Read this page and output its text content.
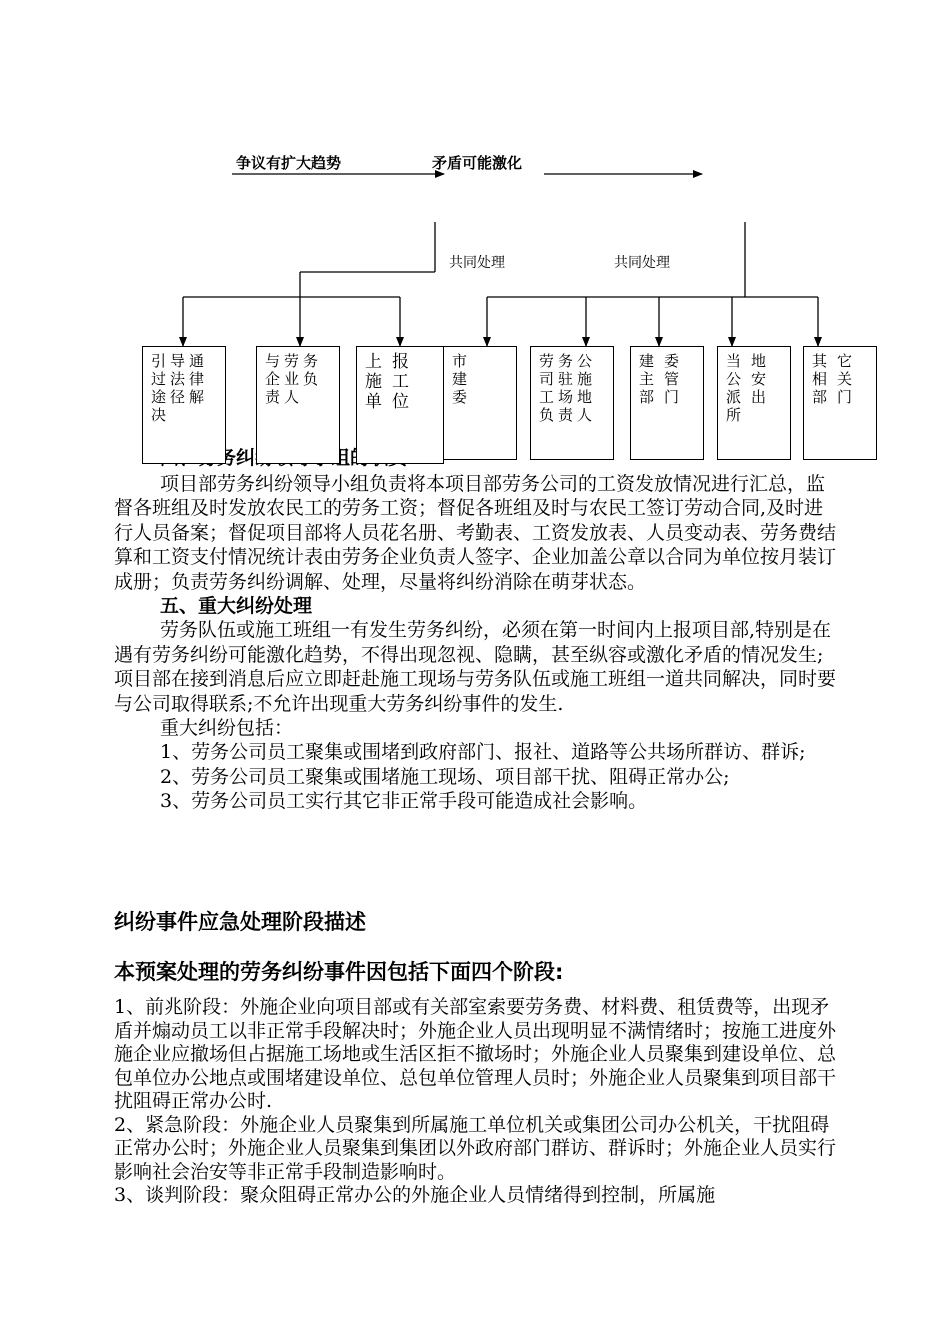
争议有扩大趋势	矛盾可能激化
共同处理	共同处理
引导通过法律途径解决
与劳务企业负责人
上报施工单位
市建委
劳务公司驻施工场地负责人
建委主管部门
当地公安派出所
其它相关部门

项目部劳务纠纷领导小组负责将本项目部劳务公司的工资发放情况进行汇总，监督各班组及时发放农民工的劳务工资；督促各班组及时与农民工签订劳动合同,及时进行人员备案；督促项目部将人员花名册、考勤表、工资发放表、人员变动表、劳务费结算和工资支付情况统计表由劳务企业负责人签字、企业加盖公章以合同为单位按月装订成册；负责劳务纠纷调解、处理，尽量将纠纷消除在萌芽状态。

五、重大纠纷处理

劳务队伍或施工班组一有发生劳务纠纷，必须在第一时间内上报项目部,特别是在遇有劳务纠纷可能激化趋势，不得出现忽视、隐瞒，甚至纵容或激化矛盾的情况发生;项目部在接到消息后应立即赶赴施工现场与劳务队伍或施工班组一道共同解决，同时要与公司取得联系;不允许出现重大劳务纠纷事件的发生.

重大纠纷包括：

1、劳务公司员工聚集或围堵到政府部门、报社、道路等公共场所群访、群诉;

2、劳务公司员工聚集或围堵施工现场、项目部干扰、阻碍正常办公;

3、劳务公司员工实行其它非正常手段可能造成社会影响。

纠纷事件应急处理阶段描述
本预案处理的劳务纠纷事件因包括下面四个阶段:

1、前兆阶段：外施企业向项目部或有关部室索要劳务费、材料费、租赁费等，出现矛盾并煽动员工以非正常手段解决时；外施企业人员出现明显不满情绪时；按施工进度外施企业应撤场但占据施工场地或生活区拒不撤场时；外施企业人员聚集到建设单位、总包单位办公地点或围堵建设单位、总包单位管理人员时；外施企业人员聚集到项目部干扰阻碍正常办公时.

2、紧急阶段：外施企业人员聚集到所属施工单位机关或集团公司办公机关，干扰阻碍正常办公时；外施企业人员聚集到集团以外政府部门群访、群诉时；外施企业人员实行影响社会治安等非正常手段制造影响时。

3、谈判阶段：聚众阻碍正常办公的外施企业人员情绪得到控制，所属施
